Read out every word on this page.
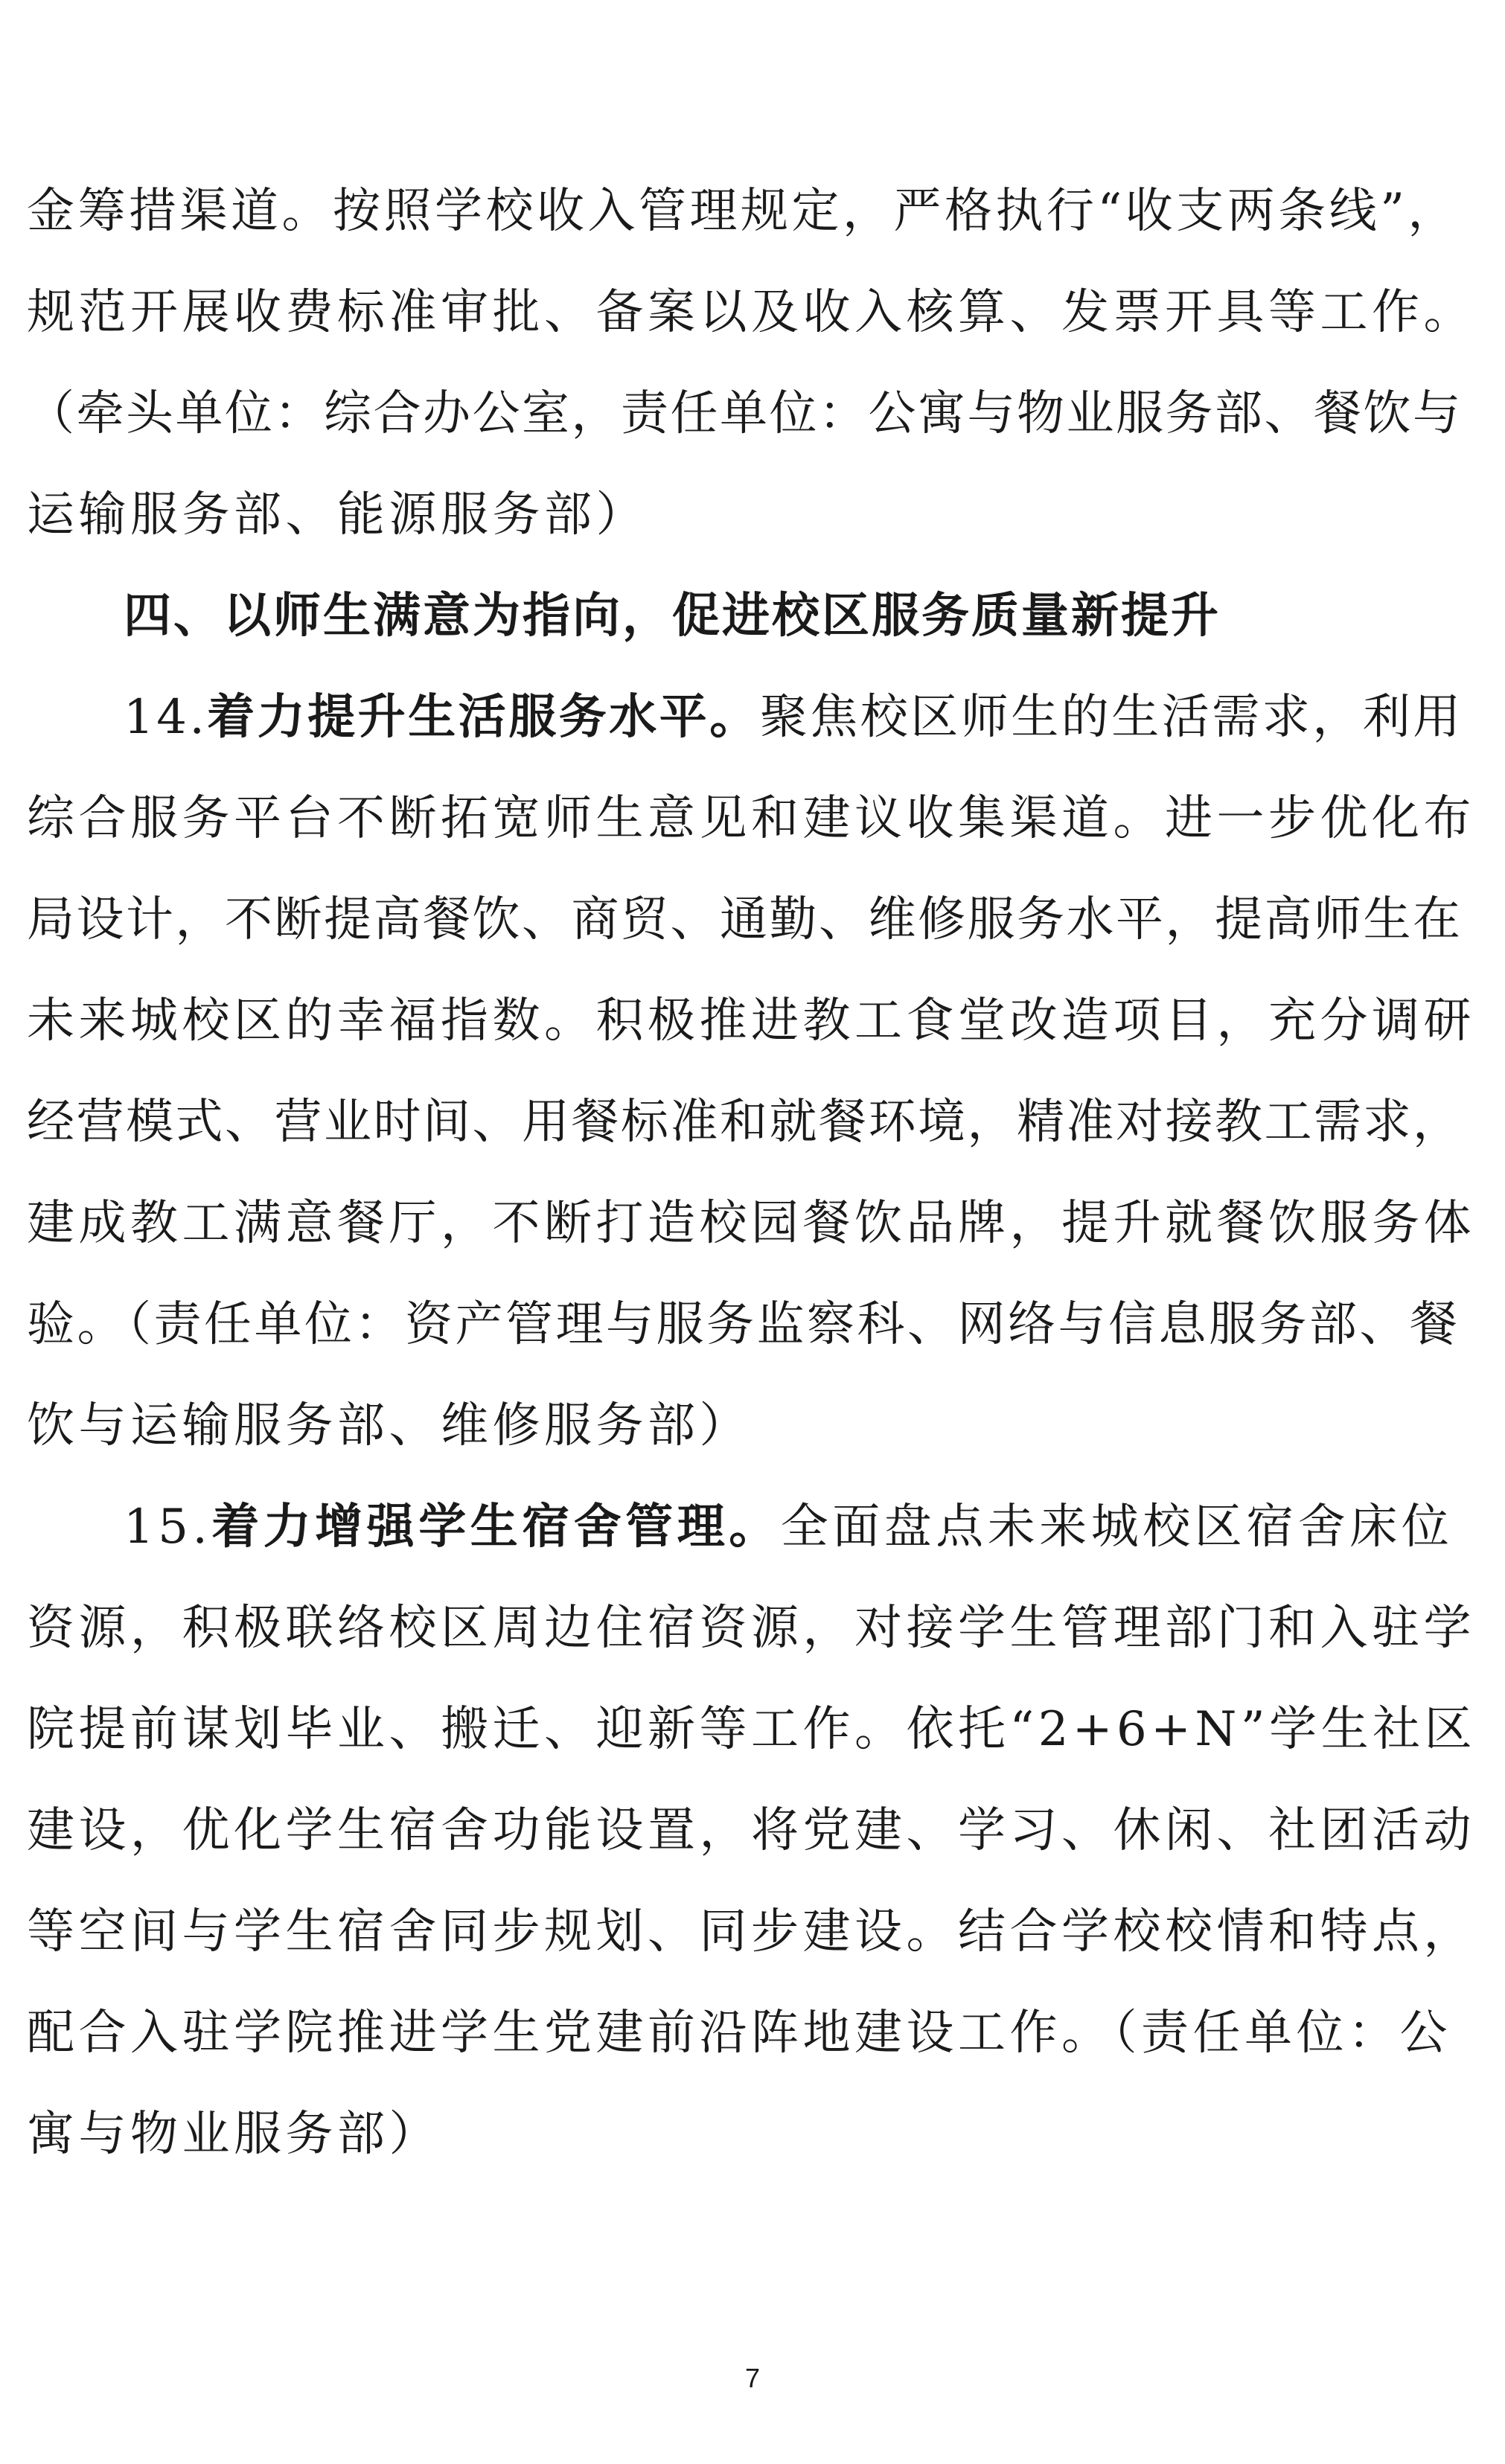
金筹措渠道。按照学校收入管理规定，严格执行“收支两条线”，
规范开展收费标准审批、备案以及收入核算、发票开具等工作。
（牵头单位：综合办公室，责任单位：公寓与物业服务部、餐饮与
运输服务部、能源服务部）
四、以师生满意为指向，促进校区服务质量新提升
14.着力提升生活服务水平。聚焦校区师生的生活需求，利用
综合服务平台不断拓宽师生意见和建议收集渠道。进一步优化布
局设计，不断提高餐饮、商贸、通勤、维修服务水平，提高师生在
未来城校区的幸福指数。积极推进教工食堂改造项目，充分调研
经营模式、营业时间、用餐标准和就餐环境，精准对接教工需求，
建成教工满意餐厅，不断打造校园餐饮品牌，提升就餐饮服务体
验。（责任单位：资产管理与服务监察科、网络与信息服务部、餐
饮与运输服务部、维修服务部）
15.着力增强学生宿舍管理。全面盘点未来城校区宿舍床位
资源，积极联络校区周边住宿资源，对接学生管理部门和入驻学
院提前谋划毕业、搬迁、迎新等工作。依托“2+6+N”学生社区
建设，优化学生宿舍功能设置，将党建、学习、休闲、社团活动
等空间与学生宿舍同步规划、同步建设。结合学校校情和特点，
配合入驻学院推进学生党建前沿阵地建设工作。（责任单位：公
寓与物业服务部）
7
